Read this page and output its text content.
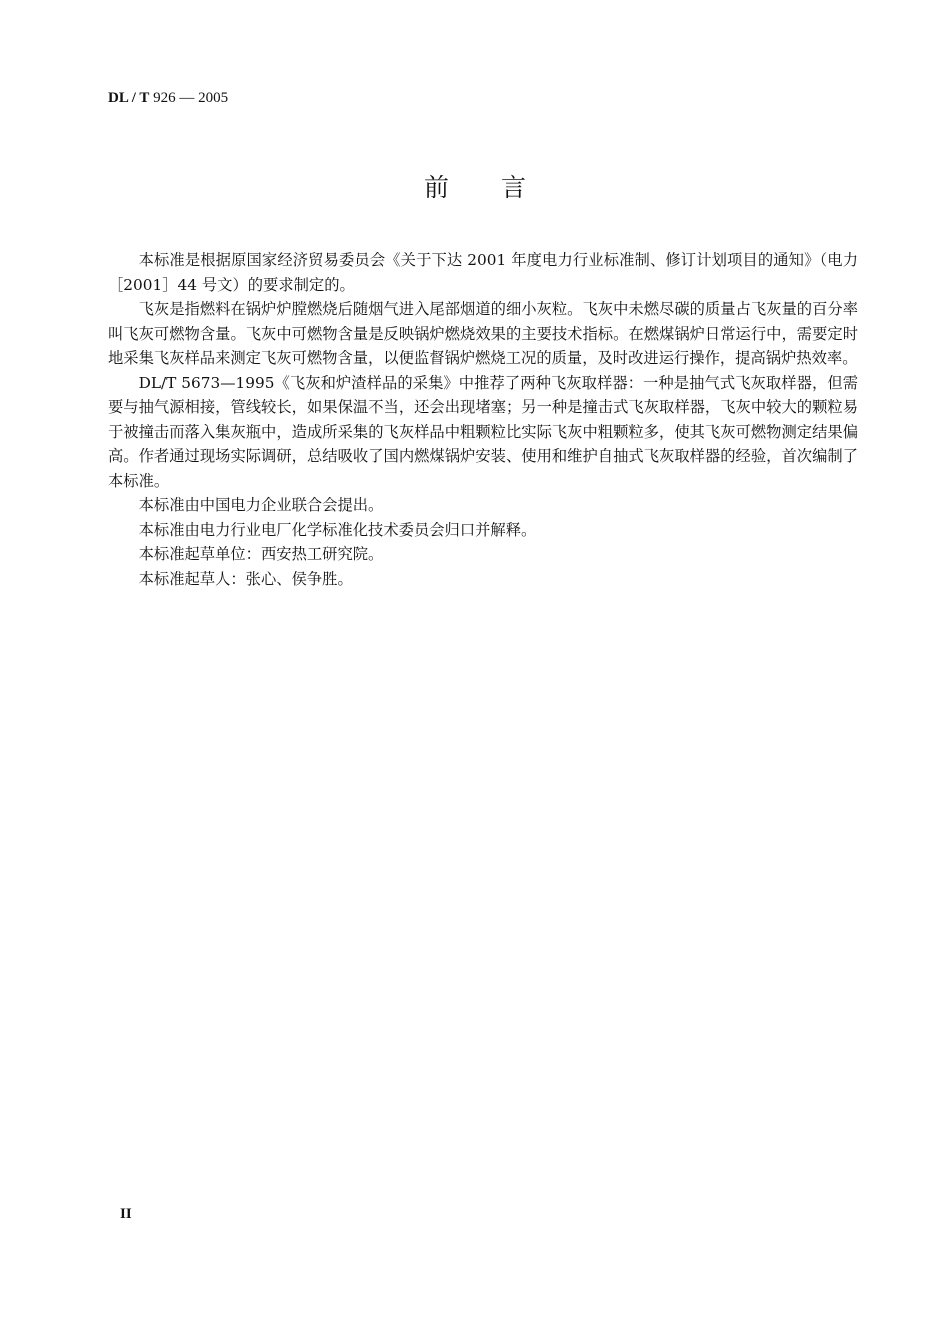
DL / T 926 — 2005
前言

本标准是根据原国家经济贸易委员会《关于下达 2001 年度电力行业标准制、修订计划项目的通知》（电力［2001］44 号文）的要求制定的。

飞灰是指燃料在锅炉炉膛燃烧后随烟气进入尾部烟道的细小灰粒。飞灰中未燃尽碳的质量占飞灰量的百分率叫飞灰可燃物含量。飞灰中可燃物含量是反映锅炉燃烧效果的主要技术指标。在燃煤锅炉日常运行中，需要定时地采集飞灰样品来测定飞灰可燃物含量，以便监督锅炉燃烧工况的质量，及时改进运行操作，提高锅炉热效率。

DL/T 5673—1995《飞灰和炉渣样品的采集》中推荐了两种飞灰取样器：一种是抽气式飞灰取样器，但需要与抽气源相接，管线较长，如果保温不当，还会出现堵塞；另一种是撞击式飞灰取样器，飞灰中较大的颗粒易于被撞击而落入集灰瓶中，造成所采集的飞灰样品中粗颗粒比实际飞灰中粗颗粒多，使其飞灰可燃物测定结果偏高。作者通过现场实际调研，总结吸收了国内燃煤锅炉安装、使用和维护自抽式飞灰取样器的经验，首次编制了本标准。

本标准由中国电力企业联合会提出。

本标准由电力行业电厂化学标准化技术委员会归口并解释。

本标准起草单位：西安热工研究院。

本标准起草人：张心、侯争胜。

II
